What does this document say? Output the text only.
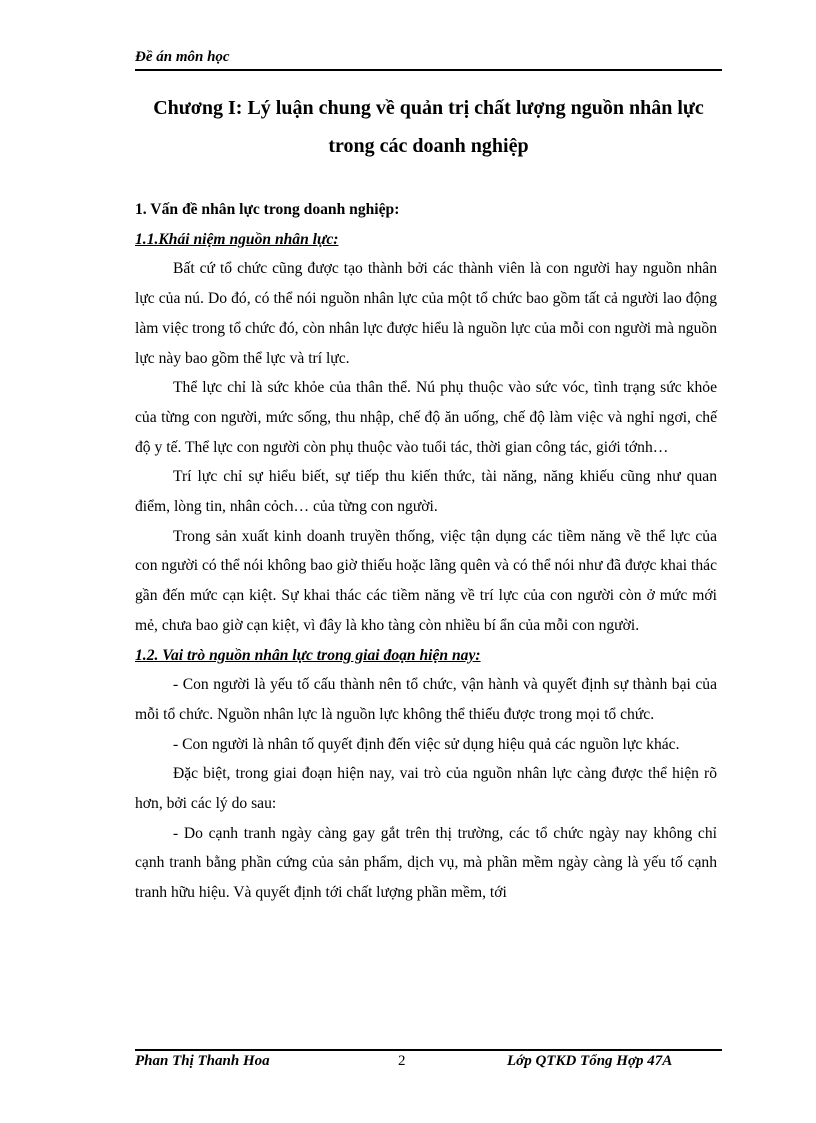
Đề án môn học
Chương I: Lý luận chung về quản trị chất lượng nguồn nhân lực trong các doanh nghiệp

1. Vấn đề nhân lực trong doanh nghiệp:

1.1.Khái niệm nguồn nhân lực:

Bất cứ tổ chức cũng được tạo thành bởi các thành viên là con người hay nguồn nhân lực của nú. Do đó, có thể nói nguồn nhân lực của một tổ chức bao gồm tất cả người lao động làm việc trong tổ chức đó, còn nhân lực được hiểu là nguồn lực của mỗi con người mà nguồn lực này bao gồm thể lực và trí lực.

Thể lực chỉ là sức khỏe của thân thể. Nú phụ thuộc vào sức vóc, tình trạng sức khỏe của từng con người, mức sống, thu nhập, chế độ ăn uống, chế độ làm việc và nghỉ ngơi, chế độ y tế. Thể lực con người còn phụ thuộc vào tuổi tác, thời gian công tác, giới tớnh…

Trí lực chỉ sự hiểu biết, sự tiếp thu kiến thức, tài năng, năng khiếu cũng như quan điểm, lòng tin, nhân cỏch… của từng con người.

Trong sản xuất kinh doanh truyền thống, việc tận dụng các tiềm năng về thể lực của con người có thể nói không bao giờ thiếu hoặc lãng quên và có thể nói như đã được khai thác gần đến mức cạn kiệt. Sự khai thác các tiềm năng về trí lực của con người còn ở mức mới mẻ, chưa bao giờ cạn kiệt, vì đây là kho tàng còn nhiều bí ẩn của mỗi con người.

1.2. Vai trò nguồn nhân lực trong giai đoạn hiện nay:

- Con người là yếu tố cấu thành nên tổ chức, vận hành và quyết định sự thành bại của mỗi tổ chức. Nguồn nhân lực là nguồn lực không thể thiếu được trong mọi tổ chức.

- Con người là nhân tố quyết định đến việc sử dụng hiệu quả các nguồn lực khác.

Đặc biệt, trong giai đoạn hiện nay, vai trò của nguồn nhân lực càng được thể hiện rõ hơn, bởi các lý do sau:

- Do cạnh tranh ngày càng gay gắt trên thị trường, các tổ chức ngày nay không chỉ cạnh tranh bằng phần cứng của sản phẩm, dịch vụ, mà phần mềm ngày càng là yếu tố cạnh tranh hữu hiệu. Và quyết định tới chất lượng phần mềm, tới

Phan Thị Thanh Hoa	2	Lớp QTKD Tổng Hợp 47A
